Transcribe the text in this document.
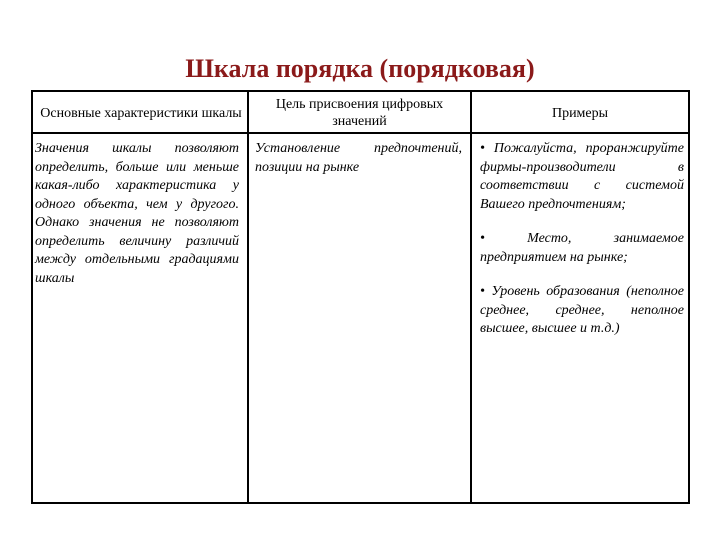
Шкала порядка (порядковая)
Основные характеристики шкалы
Цель присвоения цифровых значений
Примеры
Значения шкалы позволяют определить, больше или меньше какая-либо характеристика у одного объекта, чем у другого. Однако значения не позволяют определить величину различий между отдельными градациями шкалы
Установление предпочтений, позиции на рынке

• Пожалуйста, проранжируйте фирмы-производители в соответствии с системой Вашего предпочтениям;

• Место, занимаемое предприятием на рынке;

• Уровень образования (неполное среднее, среднее, неполное высшее, высшее и т.д.)
